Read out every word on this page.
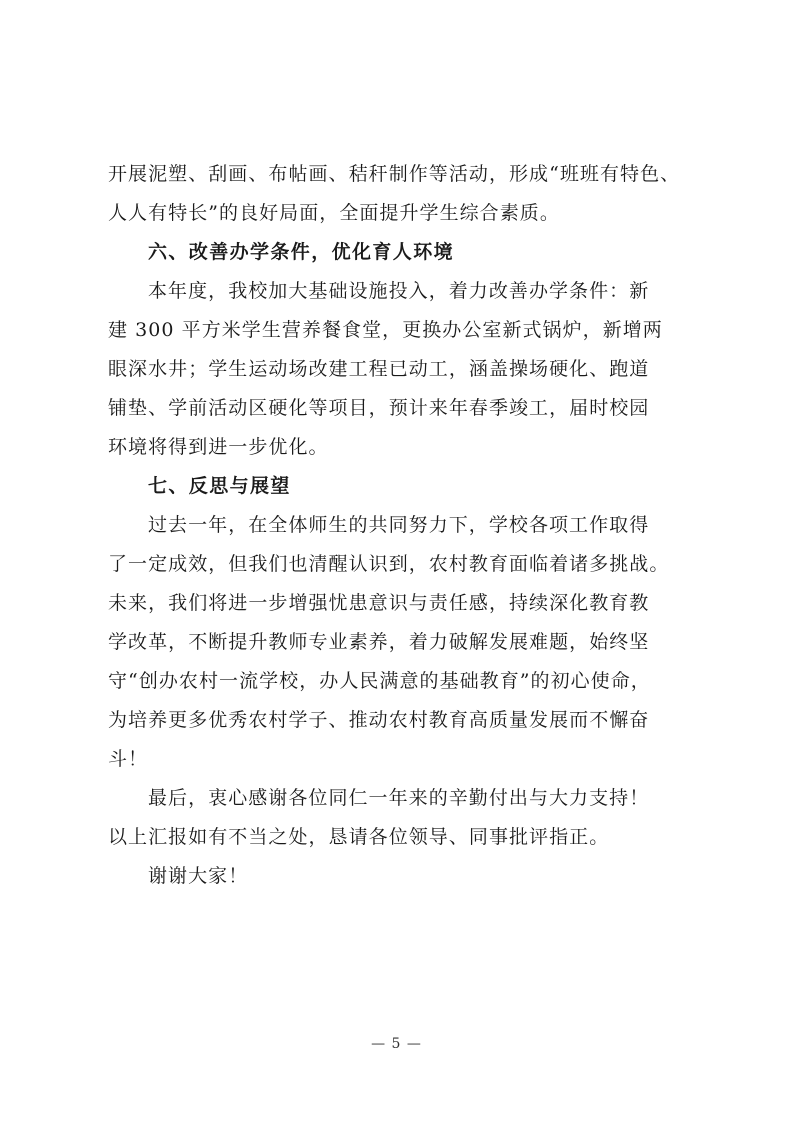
开展泥塑、刮画、布帖画、秸秆制作等活动，形成“班班有特色、
人人有特长”的良好局面，全面提升学生综合素质。
六、改善办学条件，优化育人环境
本年度，我校加大基础设施投入，着力改善办学条件：新
建 300 平方米学生营养餐食堂，更换办公室新式锅炉，新增两
眼深水井；学生运动场改建工程已动工，涵盖操场硬化、跑道
铺垫、学前活动区硬化等项目，预计来年春季竣工，届时校园
环境将得到进一步优化。
七、反思与展望
过去一年，在全体师生的共同努力下，学校各项工作取得
了一定成效，但我们也清醒认识到，农村教育面临着诸多挑战。
未来，我们将进一步增强忧患意识与责任感，持续深化教育教
学改革，不断提升教师专业素养，着力破解发展难题，始终坚
守“创办农村一流学校，办人民满意的基础教育”的初心使命，
为培养更多优秀农村学子、推动农村教育高质量发展而不懈奋
斗！
最后，衷心感谢各位同仁一年来的辛勤付出与大力支持！
以上汇报如有不当之处，恳请各位领导、同事批评指正。
谢谢大家！
— 5 —
